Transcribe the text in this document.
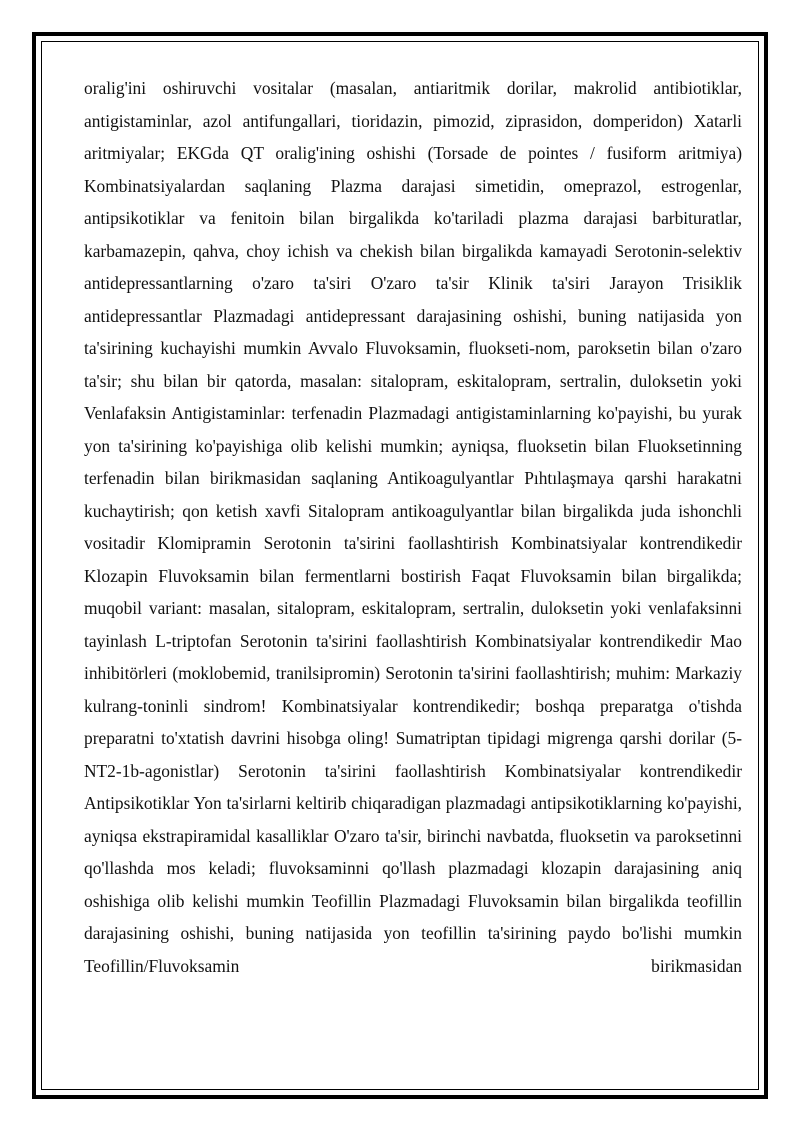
oralig'ini oshiruvchi vositalar (masalan, antiaritmik dorilar, makrolid antibiotiklar, antigistaminlar, azol antifungallari, tioridazin, pimozid, ziprasidon, domperidon) Xatarli aritmiyalar; EKGda QT oralig'ining oshishi (Torsade de pointes / fusiform aritmiya) Kombinatsiyalardan saqlaning Plazma darajasi simetidin, omeprazol, estrogenlar, antipsikotiklar va fenitoin bilan birgalikda ko'tariladi plazma darajasi barbituratlar, karbamazepin, qahva, choy ichish va chekish bilan birgalikda kamayadi Serotonin-selektiv antidepressantlarning o'zaro ta'siri O'zaro ta'sir Klinik ta'siri Jarayon Trisiklik antidepressantlar Plazmadagi antidepressant darajasining oshishi, buning natijasida yon ta'sirining kuchayishi mumkin Avvalo Fluvoksamin, fluokseti-nom, paroksetin bilan o'zaro ta'sir; shu bilan bir qatorda, masalan: sitalopram, eskitalopram, sertralin, duloksetin yoki Venlafaksin Antigistaminlar: terfenadin Plazmadagi antigistaminlarning ko'payishi, bu yurak yon ta'sirining ko'payishiga olib kelishi mumkin; ayniqsa, fluoksetin bilan Fluoksetinning terfenadin bilan birikmasidan saqlaning Antikoagulyantlar Pıhtılaşmaya qarshi harakatni kuchaytirish; qon ketish xavfi Sitalopram antikoagulyantlar bilan birgalikda juda ishonchli vositadir Klomipramin Serotonin ta'sirini faollashtirish Kombinatsiyalar kontrendikedir Klozapin Fluvoksamin bilan fermentlarni bostirish Faqat Fluvoksamin bilan birgalikda; muqobil variant: masalan, sitalopram, eskitalopram, sertralin, duloksetin yoki venlafaksinni tayinlash L-triptofan Serotonin ta'sirini faollashtirish Kombinatsiyalar kontrendikedir Mao inhibitörleri (moklobemid, tranilsipromin) Serotonin ta'sirini faollashtirish; muhim: Markaziy kulrang-toninli sindrom! Kombinatsiyalar kontrendikedir; boshqa preparatga o'tishda preparatni to'xtatish davrini hisobga oling! Sumatriptan tipidagi migrenga qarshi dorilar (5-NT2-1b-agonistlar) Serotonin ta'sirini faollashtirish Kombinatsiyalar kontrendikedir Antipsikotiklar Yon ta'sirlarni keltirib chiqaradigan plazmadagi antipsikotiklarning ko'payishi, ayniqsa ekstrapiramidal kasalliklar O'zaro ta'sir, birinchi navbatda, fluoksetin va paroksetinni qo'llashda mos keladi; fluvoksaminni qo'llash plazmadagi klozapin darajasining aniq oshishiga olib kelishi mumkin Teofillin Plazmadagi Fluvoksamin bilan birgalikda teofillin darajasining oshishi, buning natijasida yon teofillin ta'sirining paydo bo'lishi mumkin Teofillin/Fluvoksamin birikmasidan
